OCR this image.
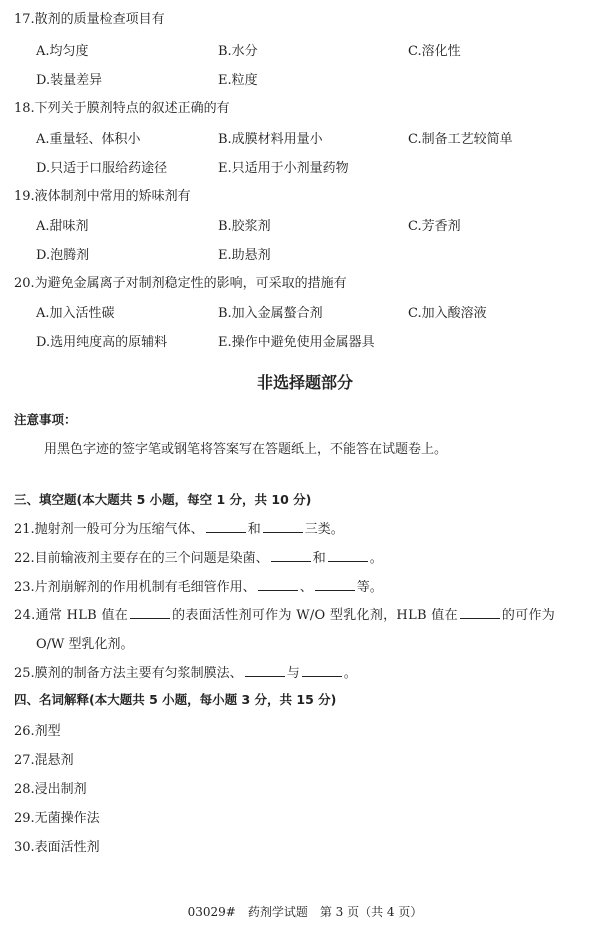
17.散剂的质量检查项目有
A.均匀度	B.水分	C.溶化性
D.装量差异	E.粒度
18.下列关于膜剂特点的叙述正确的有
A.重量轻、体积小	B.成膜材料用量小	C.制备工艺较简单
D.只适于口服给药途径	E.只适用于小剂量药物
19.液体制剂中常用的矫味剂有
A.甜味剂	B.胶浆剂	C.芳香剂
D.泡腾剂	E.助悬剂
20.为避免金属离子对制剂稳定性的影响，可采取的措施有
A.加入活性碳	B.加入金属螯合剂	C.加入酸溶液
D.选用纯度高的原辅料	E.操作中避免使用金属器具
非选择题部分
注意事项：
用黑色字迹的签字笔或钢笔将答案写在答题纸上，不能答在试题卷上。
三、填空题(本大题共 5 小题，每空 1 分，共 10 分)
21.抛射剂一般可分为压缩气体、	和	三类。
22.目前输液剂主要存在的三个问题是染菌、	和	。
23.片剂崩解剂的作用机制有毛细管作用、	、	等。
24.通常 HLB 值在	的表面活性剂可作为 W/O 型乳化剂，HLB 值在	的可作为
O/W 型乳化剂。
25.膜剂的制备方法主要有匀浆制膜法、	与	。
四、名词解释(本大题共 5 小题，每小题 3 分，共 15 分)
26.剂型
27.混悬剂
28.浸出制剂
29.无菌操作法
30.表面活性剂
03029#　药剂学试题　第 3 页（共 4 页）
